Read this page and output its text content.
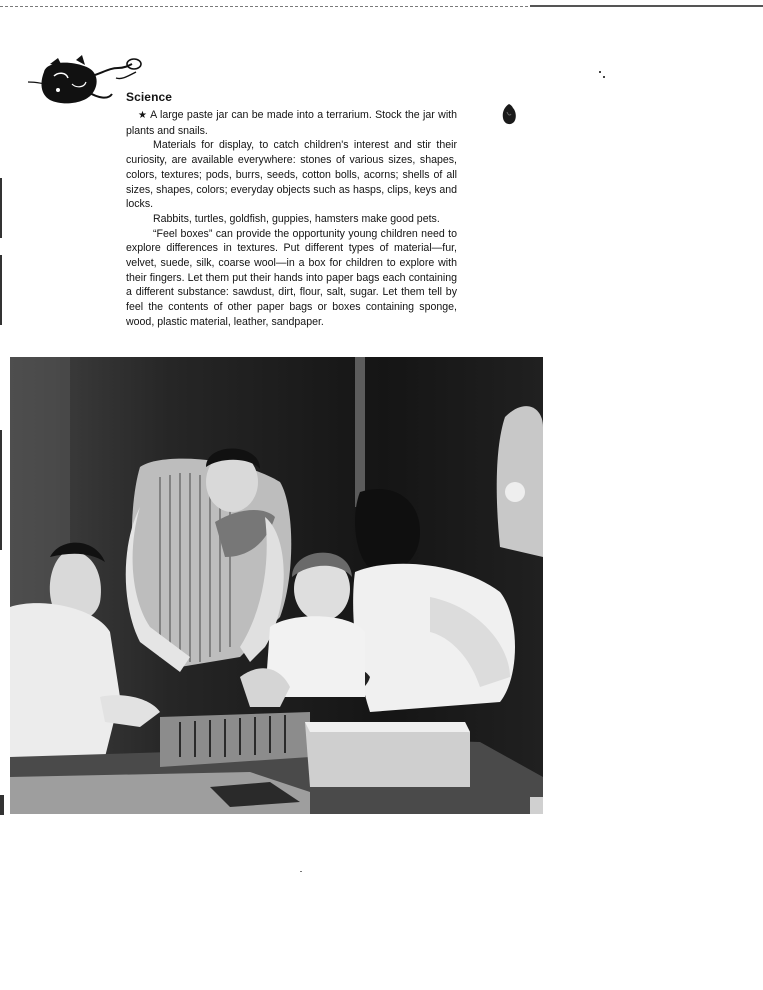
Science

★ A large paste jar can be made into a terrarium. Stock the jar with plants and snails.

Materials for display, to catch children's interest and stir their curiosity, are available everywhere: stones of various sizes, shapes, colors, textures; pods, burrs, seeds, cotton bolls, acorns; shells of all sizes, shapes, colors; everyday objects such as hasps, clips, keys and locks.

Rabbits, turtles, goldfish, guppies, hamsters make good pets.

“Feel boxes” can provide the opportunity young children need to explore differences in textures. Put different types of material—fur, velvet, suede, silk, coarse wool—in a box for children to explore with their fingers. Let them put their hands into paper bags each containing a different substance: sawdust, dirt, flour, salt, sugar. Let them tell by feel the contents of other paper bags or boxes containing sponge, wood, plastic material, leather, sandpaper.
